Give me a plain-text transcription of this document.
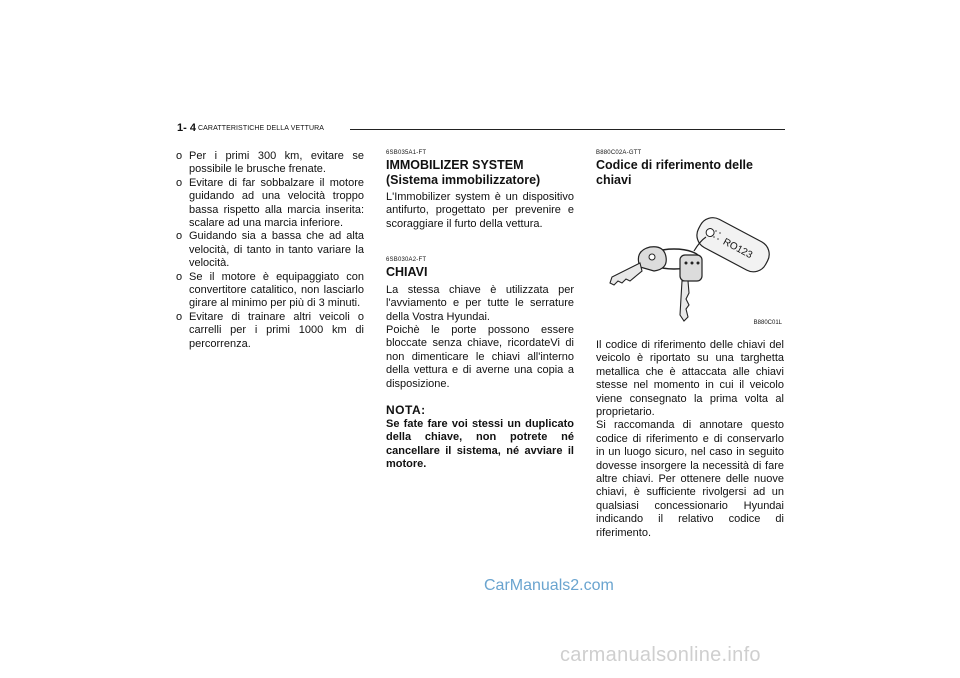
1- 4 CARATTERISTICHE DELLA VETTURA
o Per i primi 300 km, evitare se possibile le brusche frenate.
o Evitare di far sobbalzare il motore guidando ad una velocità troppo bassa rispetto alla marcia inserita: scalare ad una marcia inferiore.
o Guidando sia a bassa che ad alta velocità, di tanto in tanto variare la velocità.
o Se il motore è equipaggiato con convertitore catalitico, non lasciarlo girare al minimo per più di 3 minuti.
o Evitare di trainare altri veicoli o carrelli per i primi 1000 km di percorrenza.
6SB035A1-FT
IMMOBILIZER SYSTEM
(Sistema immobilizzatore)

L'Immobilizer system è un dispositivo antifurto, progettato per prevenire e scoraggiare il furto della vettura.

6SB030A2-FT
CHIAVI

La stessa chiave è utilizzata per l'avviamento e per tutte le serrature della Vostra Hyundai.

Poichè le porte possono essere bloccate senza chiave, ricordateVi di non dimenticare le chiavi all'interno della vettura e di averne una copia a disposizione.

NOTA:

Se fate fare voi stessi un duplicato della chiave, non potrete né cancellare il sistema, né avviare il motore.

B880C02A-GTT
Codice di riferimento delle chiavi
RO123
B880C01L

Il codice di riferimento delle chiavi del veicolo è riportato su una targhetta metallica che è attaccata alle chiavi stesse nel momento in cui il veicolo viene consegnato la prima volta al proprietario.

Si raccomanda di annotare questo codice di riferimento e di conservarlo in un luogo sicuro, nel caso in seguito dovesse insorgere la necessità di fare altre chiavi. Per ottenere delle nuove chiavi, è sufficiente rivolgersi ad un qualsiasi concessionario Hyundai indicando il relativo codice di riferimento.

CarManuals2.com
carmanualsonline.info
